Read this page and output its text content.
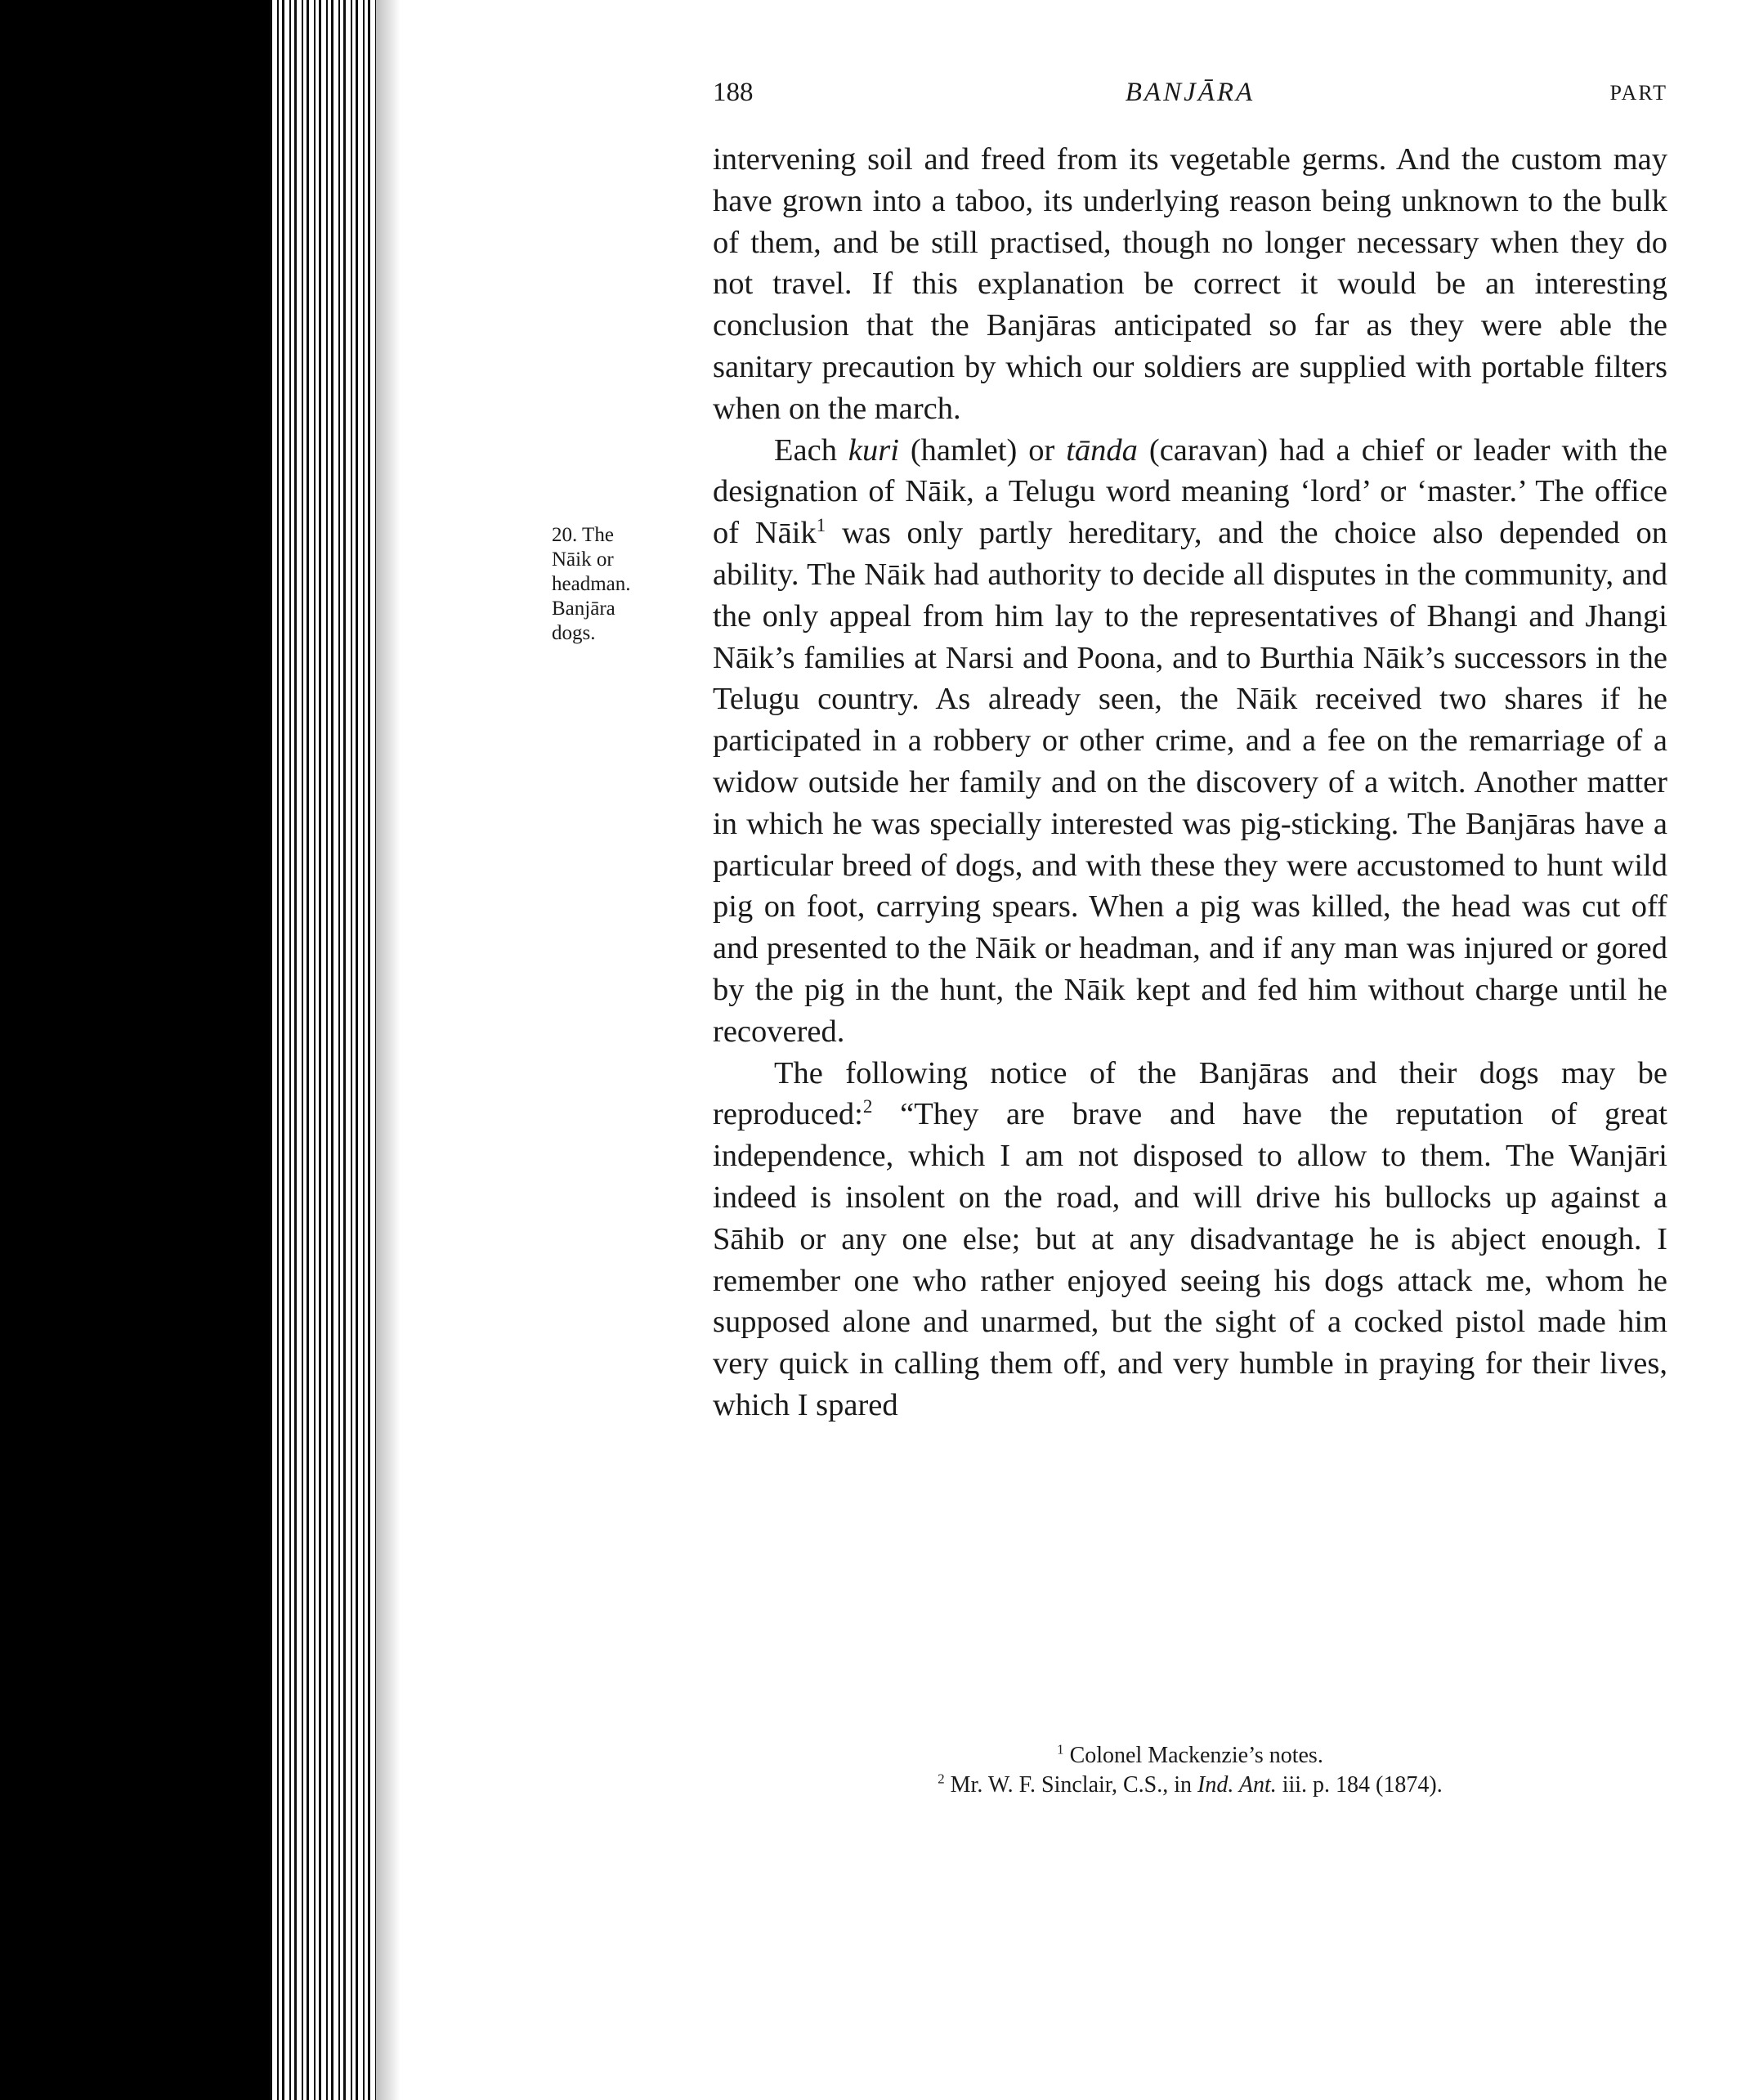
188	BANJĀRA	PART
20. The
Nāik or
headman.
Banjāra
dogs.

intervening soil and freed from its vegetable germs. And the custom may have grown into a taboo, its underlying reason being unknown to the bulk of them, and be still practised, though no longer necessary when they do not travel. If this explanation be correct it would be an interesting conclusion that the Banjāras anticipated so far as they were able the sanitary precaution by which our soldiers are supplied with portable filters when on the march.

Each kuri (hamlet) or tānda (caravan) had a chief or leader with the designation of Nāik, a Telugu word meaning ‘lord’ or ‘master.’ The office of Nāik$^1$ was only partly hereditary, and the choice also depended on ability. The Nāik had authority to decide all disputes in the community, and the only appeal from him lay to the representatives of Bhangi and Jhangi Nāik’s families at Narsi and Poona, and to Burthia Nāik’s successors in the Telugu country. As already seen, the Nāik received two shares if he participated in a robbery or other crime, and a fee on the remarriage of a widow outside her family and on the discovery of a witch. Another matter in which he was specially interested was pig-sticking. The Banjāras have a particular breed of dogs, and with these they were accustomed to hunt wild pig on foot, carrying spears. When a pig was killed, the head was cut off and presented to the Nāik or headman, and if any man was injured or gored by the pig in the hunt, the Nāik kept and fed him without charge until he recovered.

The following notice of the Banjāras and their dogs may be reproduced:$^2$ “They are brave and have the reputation of great independence, which I am not disposed to allow to them. The Wanjāri indeed is insolent on the road, and will drive his bullocks up against a Sāhib or any one else; but at any disadvantage he is abject enough. I remember one who rather enjoyed seeing his dogs attack me, whom he supposed alone and unarmed, but the sight of a cocked pistol made him very quick in calling them off, and very humble in praying for their lives, which I spared

$^1$ Colonel Mackenzie’s notes.
$^2$ Mr. W. F. Sinclair, C.S., in Ind. Ant. iii. p. 184 (1874).
